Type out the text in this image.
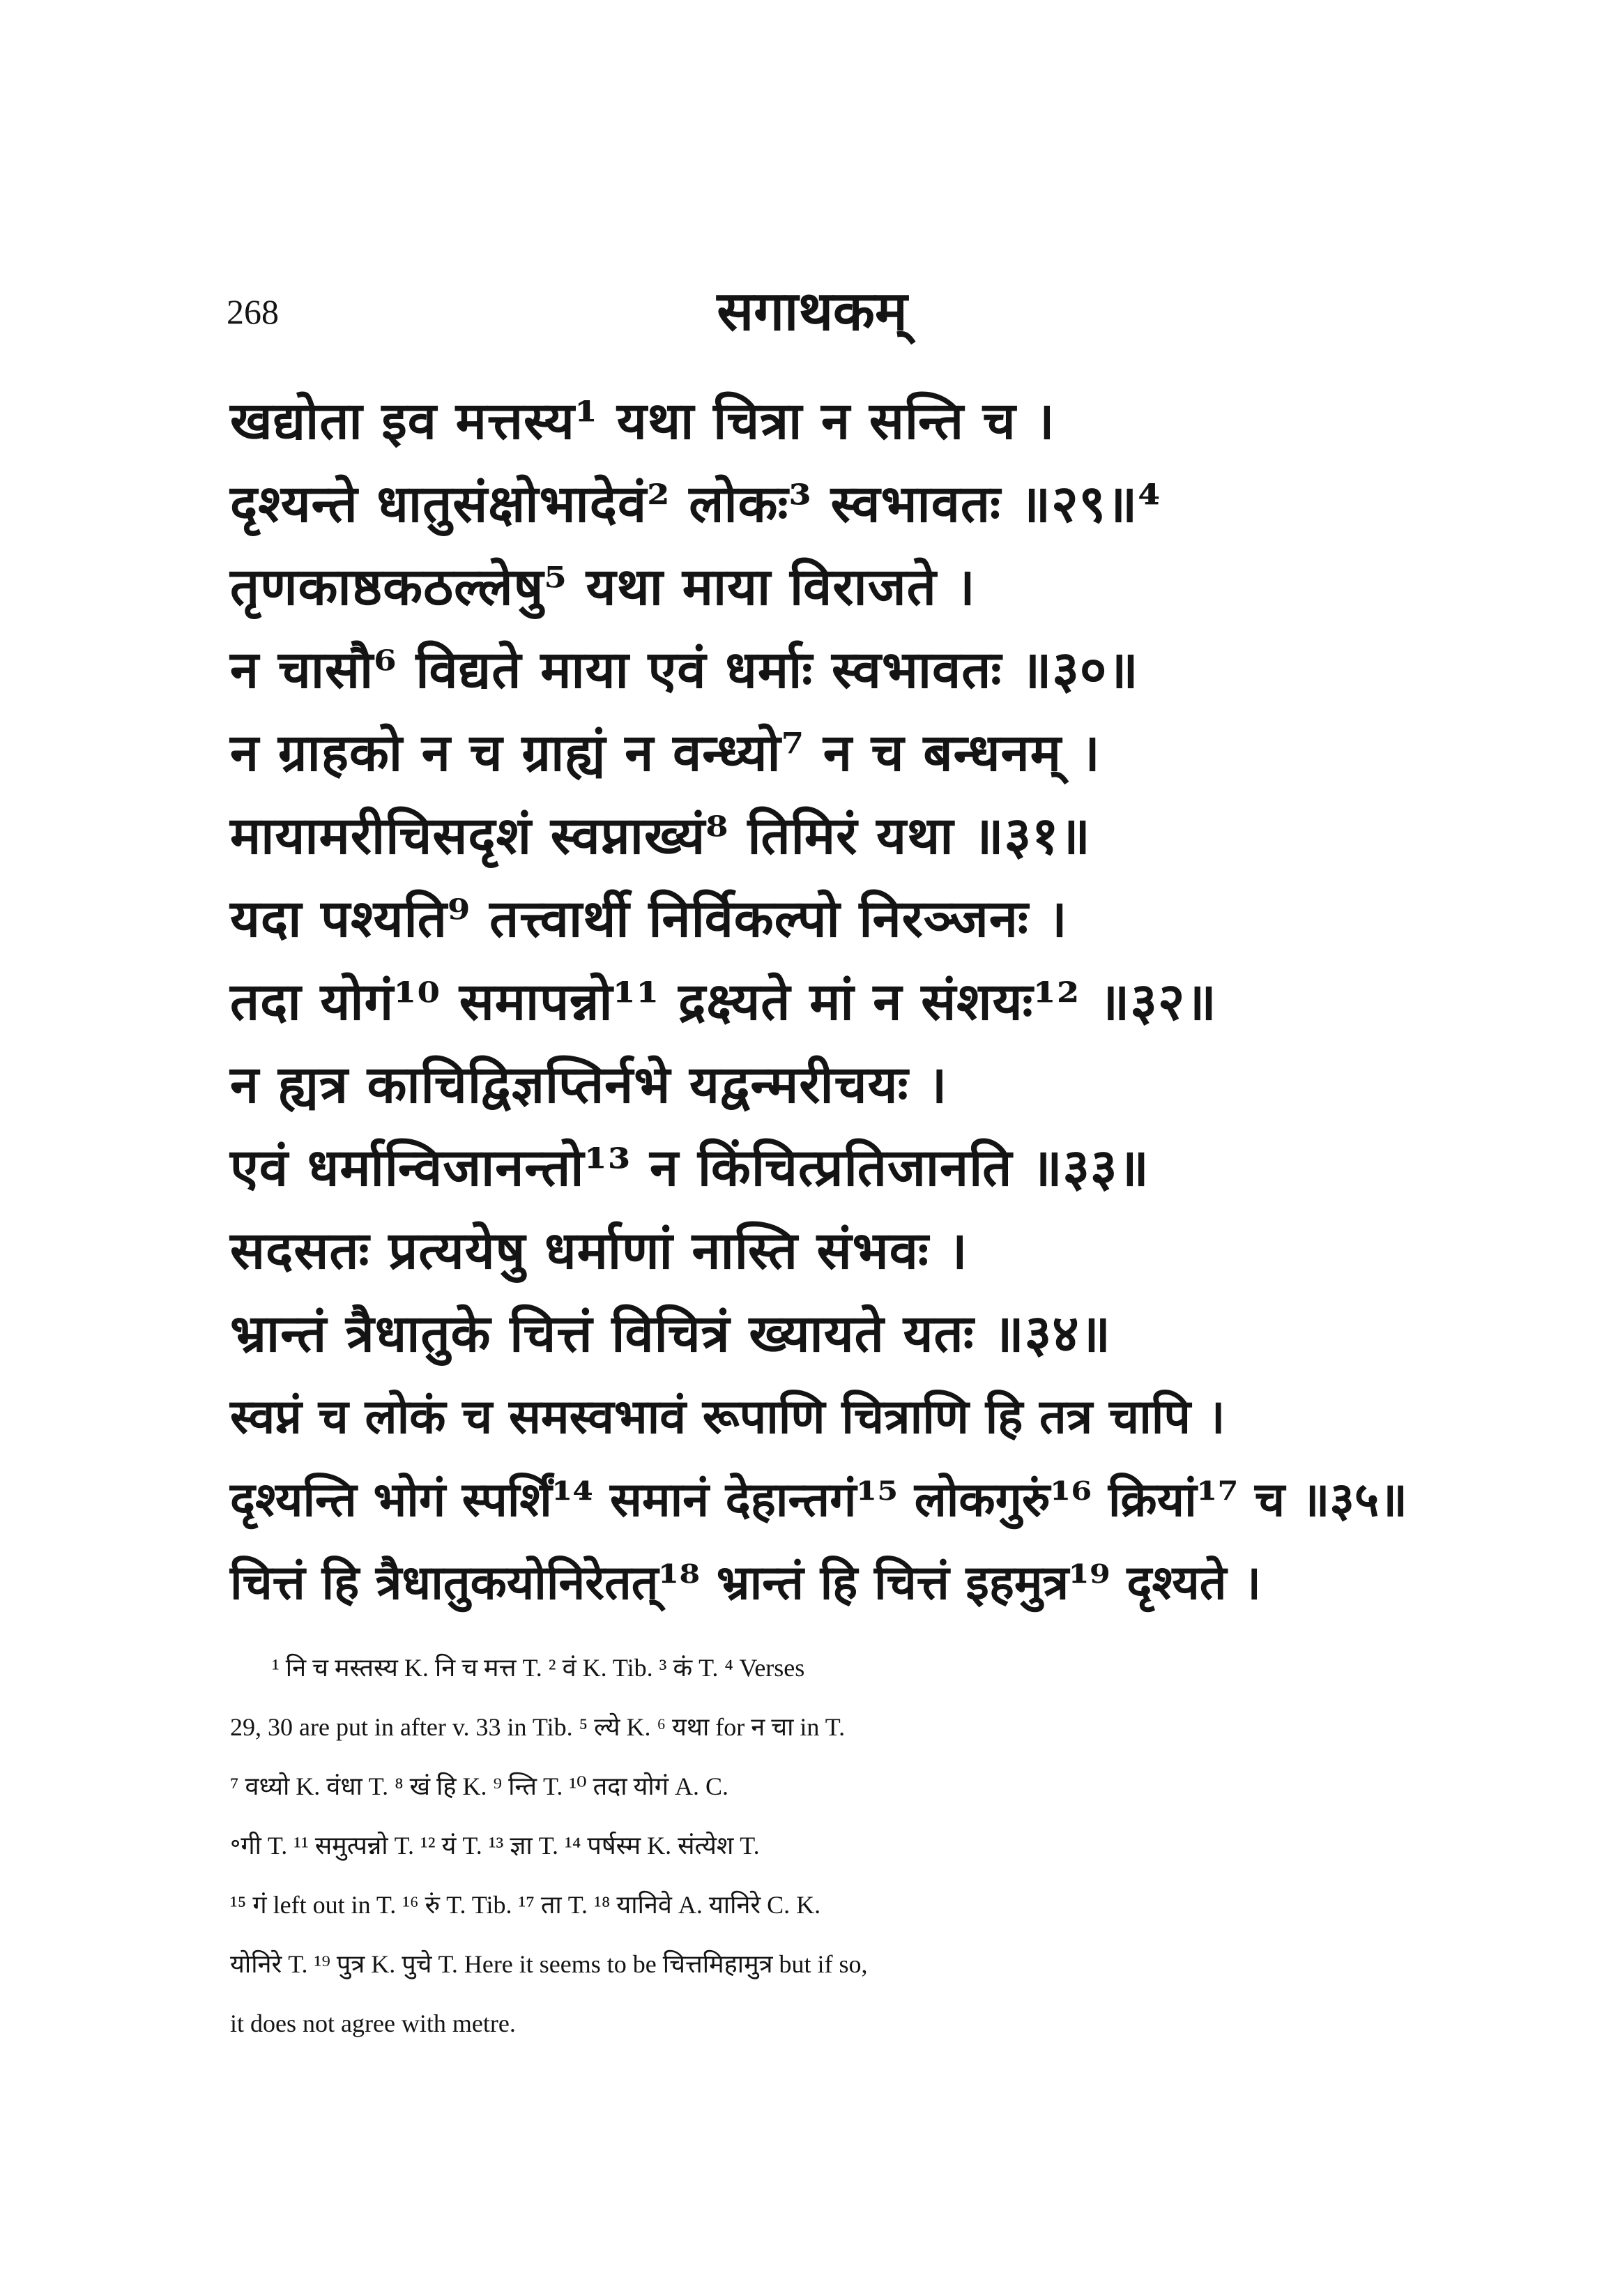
268	सगाथकम्
खद्योता इव मत्तस्य¹ यथा चित्रा न सन्ति च ।
दृश्यन्ते धातुसंक्षोभादेवं² लोकः³ स्वभावतः ॥२९॥⁴
तृणकाष्ठकठल्लेषु⁵ यथा माया विराजते ।
न चासौ⁶ विद्यते माया एवं धर्माः स्वभावतः ॥३०॥
न ग्राहको न च ग्राह्यं न वन्ध्यो⁷ न च बन्धनम् ।
मायामरीचिसदृशं स्वप्नाख्यं⁸ तिमिरं यथा ॥३१॥
यदा पश्यति⁹ तत्त्वार्थी निर्विकल्पो निरञ्जनः ।
तदा योगं¹⁰ समापन्नो¹¹ द्रक्ष्यते मां न संशयः¹² ॥३२॥
न ह्यत्र काचिद्विज्ञप्तिर्नभे यद्वन्मरीचयः ।
एवं धर्मान्विजानन्तो¹³ न किंचित्प्रतिजानति ॥३३॥
सदसतः प्रत्ययेषु धर्माणां नास्ति संभवः ।
भ्रान्तं त्रैधातुके चित्तं विचित्रं ख्यायते यतः ॥३४॥
स्वप्नं च लोकं च समस्वभावं रूपाणि चित्राणि हि तत्र चापि ।
दृश्यन्ति भोगं स्पर्शिं¹⁴ समानं देहान्तगं¹⁵ लोकगुरुं¹⁶ क्रियां¹⁷ च ॥३५॥
चित्तं हि त्रैधातुकयोनिरेतत्¹⁸ भ्रान्तं हि चित्तं इहमुत्र¹⁹ दृश्यते ।
¹ नि च मस्तस्य K. नि च मत्त T. ² वं K. Tib. ³ कं T. ⁴ Verses
29, 30 are put in after v. 33 in Tib. ⁵ ल्ये K. ⁶ यथा for न चा in T.
⁷ वध्यो K. वंधा T. ⁸ खं हि K. ⁹ न्ति T. ¹⁰ तदा योगं A. C.
॰गी T. ¹¹ समुत्पन्नो T. ¹² यं T. ¹³ ज्ञा T. ¹⁴ पर्षस्म K. संत्येश T.
¹⁵ गं left out in T. ¹⁶ रुं T. Tib. ¹⁷ ता T. ¹⁸ यानिवे A. यानिरे C. K.
योनिरे T. ¹⁹ पुत्र K. पुचे T. Here it seems to be चित्तमिहामुत्र but if so,
it does not agree with metre.
